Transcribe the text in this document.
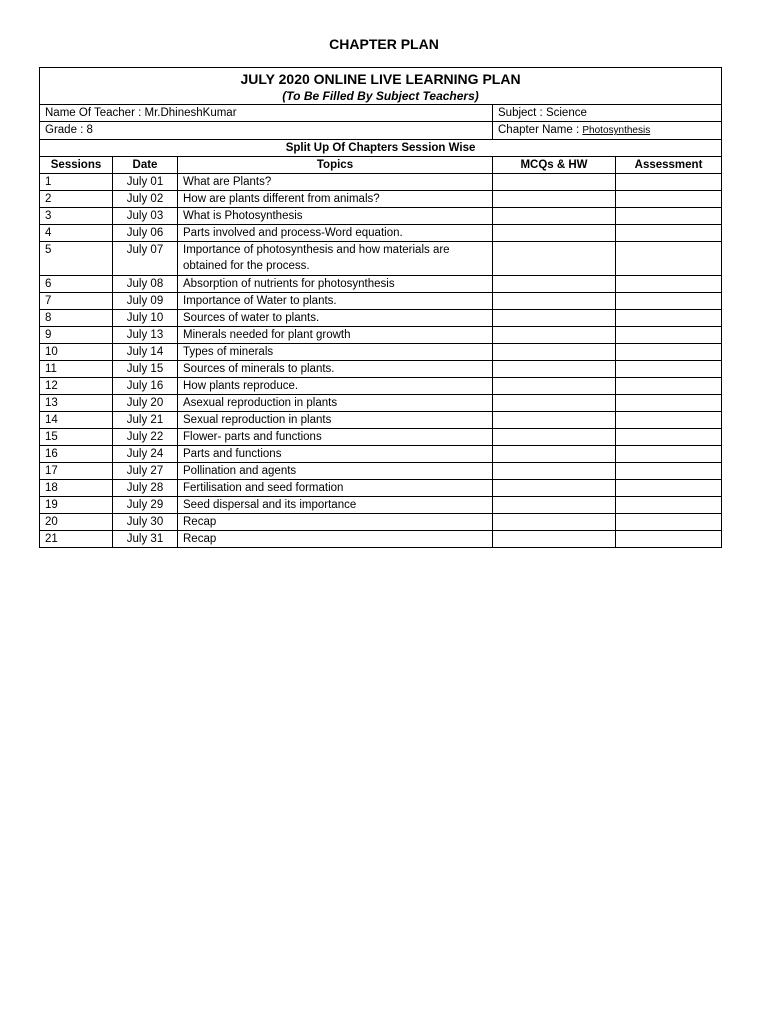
CHAPTER PLAN
JULY 2020 ONLINE LIVE LEARNING PLAN
(To Be Filled By Subject Teachers)				

Name Of Teacher : Mr.DhineshKumar			Subject : Science	
Grade : 8			Chapter Name : Photosynthesis	
Split Up Of Chapters Session Wise				
Sessions	Date	Topics	MCQs & HW	Assessment
1	July 01	What are Plants?		
2	July 02	How are plants different from animals?		
3	July 03	What is Photosynthesis		
4	July 06	Parts involved and process-Word equation.		
5	July 07	Importance of photosynthesis and how materials are obtained for the process.		
6	July 08	Absorption of nutrients for photosynthesis		
7	July 09	Importance of Water to plants.		
8	July 10	Sources of water to plants.		
9	July 13	Minerals needed for plant growth		
10	July 14	Types of minerals		
11	July 15	Sources of minerals to plants.		
12	July 16	How plants reproduce.		
13	July 20	Asexual reproduction in plants		
14	July 21	Sexual reproduction in plants		
15	July 22	Flower- parts and functions		
16	July 24	Parts and functions		
17	July 27	Pollination and agents		
18	July 28	Fertilisation and seed formation		
19	July 29	Seed dispersal and its importance		
20	July 30	Recap		
21	July 31	Recap		
